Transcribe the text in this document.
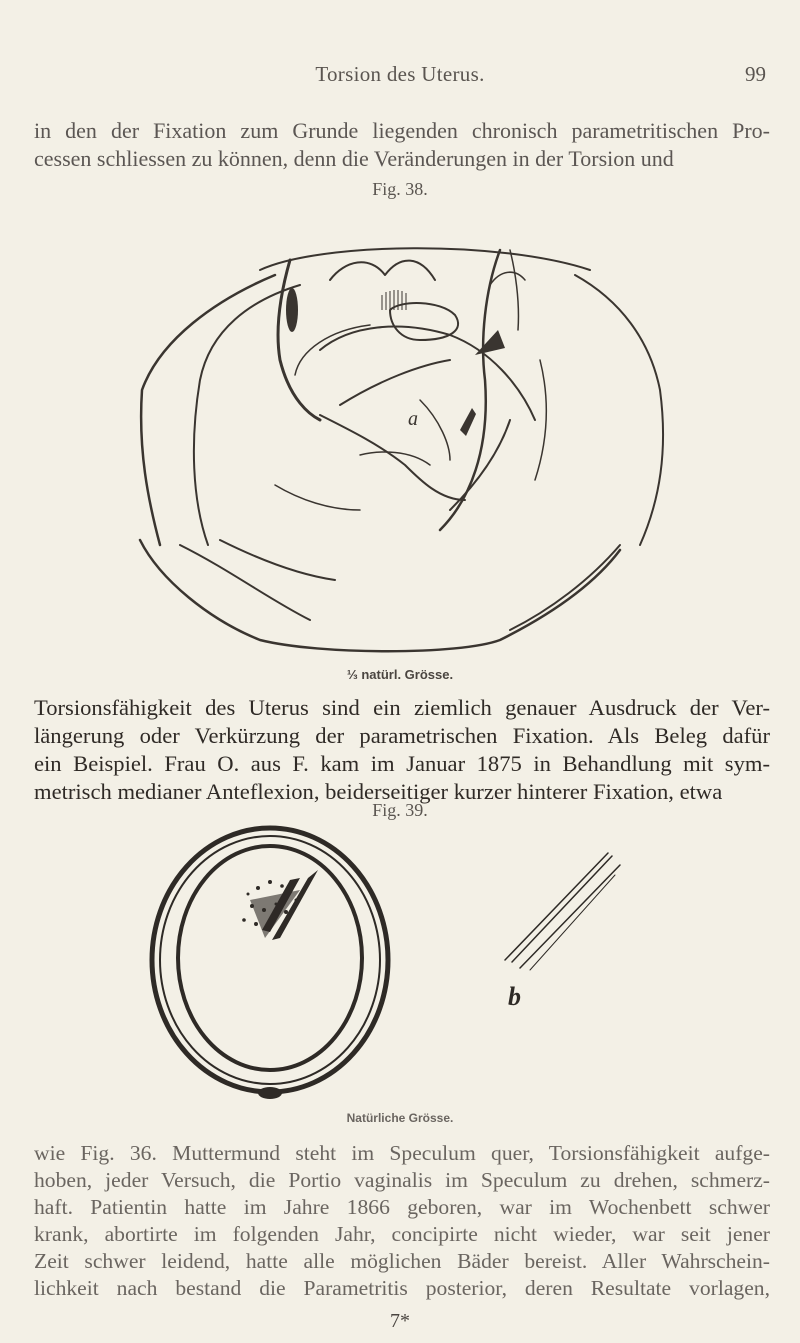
Torsion des Uterus.	99
in den der Fixation zum Grunde liegenden chronisch parametritischen Pro-
cessen schliessen zu können, denn die Veränderungen in der Torsion und
Fig. 38.
a
⅓ natürl. Grösse.
Torsionsfähigkeit des Uterus sind ein ziemlich genauer Ausdruck der Ver-
längerung oder Verkürzung der parametrischen Fixation. Als Beleg dafür
ein Beispiel. Frau O. aus F. kam im Januar 1875 in Behandlung mit sym-
metrisch medianer Anteflexion, beiderseitiger kurzer hinterer Fixation, etwa
Fig. 39.
b
Natürliche Grösse.
wie Fig. 36. Muttermund steht im Speculum quer, Torsionsfähigkeit aufge-
hoben, jeder Versuch, die Portio vaginalis im Speculum zu drehen, schmerz-
haft. Patientin hatte im Jahre 1866 geboren, war im Wochenbett schwer
krank, abortirte im folgenden Jahr, concipirte nicht wieder, war seit jener
Zeit schwer leidend, hatte alle möglichen Bäder bereist. Aller Wahrschein-
lichkeit nach bestand die Parametritis posterior, deren Resultate vorlagen,
7*
